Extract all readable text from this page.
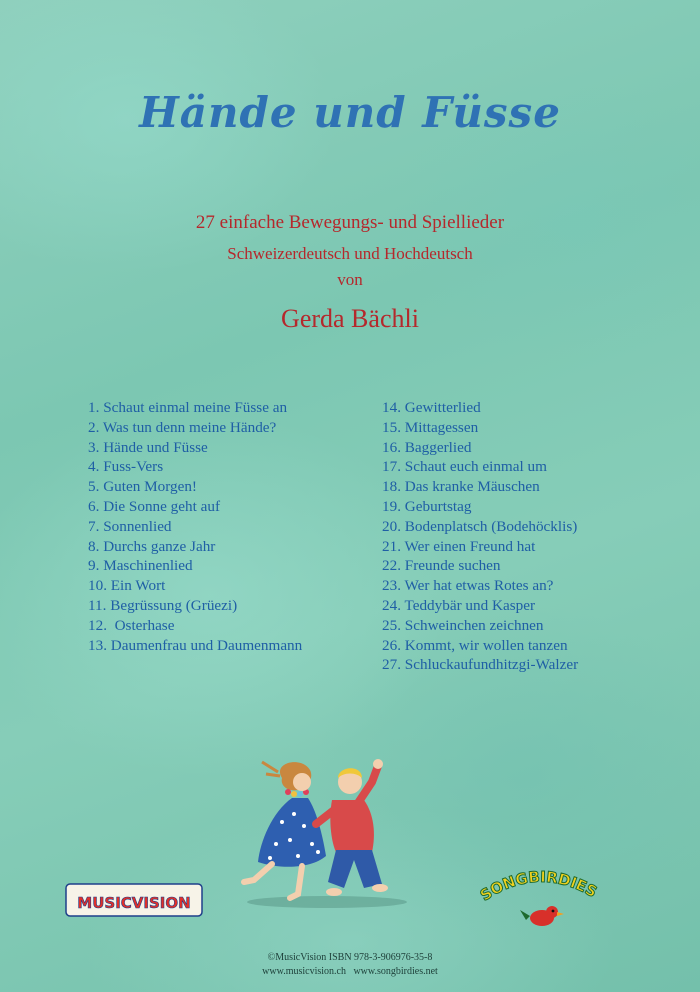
Hände und Füsse
27 einfache Bewegungs- und Spiellieder
Schweizerdeutsch und Hochdeutsch
von
Gerda Bächli
1. Schaut einmal meine Füsse an
2. Was tun denn meine Hände?
3. Hände und Füsse
4. Fuss-Vers
5. Guten Morgen!
6. Die Sonne geht auf
7. Sonnenlied
8. Durchs ganze Jahr
9. Maschinenlied
10. Ein Wort
11. Begrüssung (Grüezi)
12.  Osterhase
13. Daumenfrau und Daumenmann
14. Gewitterlied
15. Mittagessen
16. Baggerlied
17. Schaut euch einmal um
18. Das kranke Mäuschen
19. Geburtstag
20. Bodenplatsch (Bodehöcklis)
21. Wer einen Freund hat
22. Freunde suchen
23. Wer hat etwas Rotes an?
24. Teddybär und Kasper
25. Schweinchen zeichnen
26. Kommt, wir wollen tanzen
27. Schluckaufundhitzgi-Walzer
MUSICVISION	SONGBIRDIES
©MusicVision ISBN 978-3-906976-35-8
www.musicvision.ch   www.songbirdies.net
